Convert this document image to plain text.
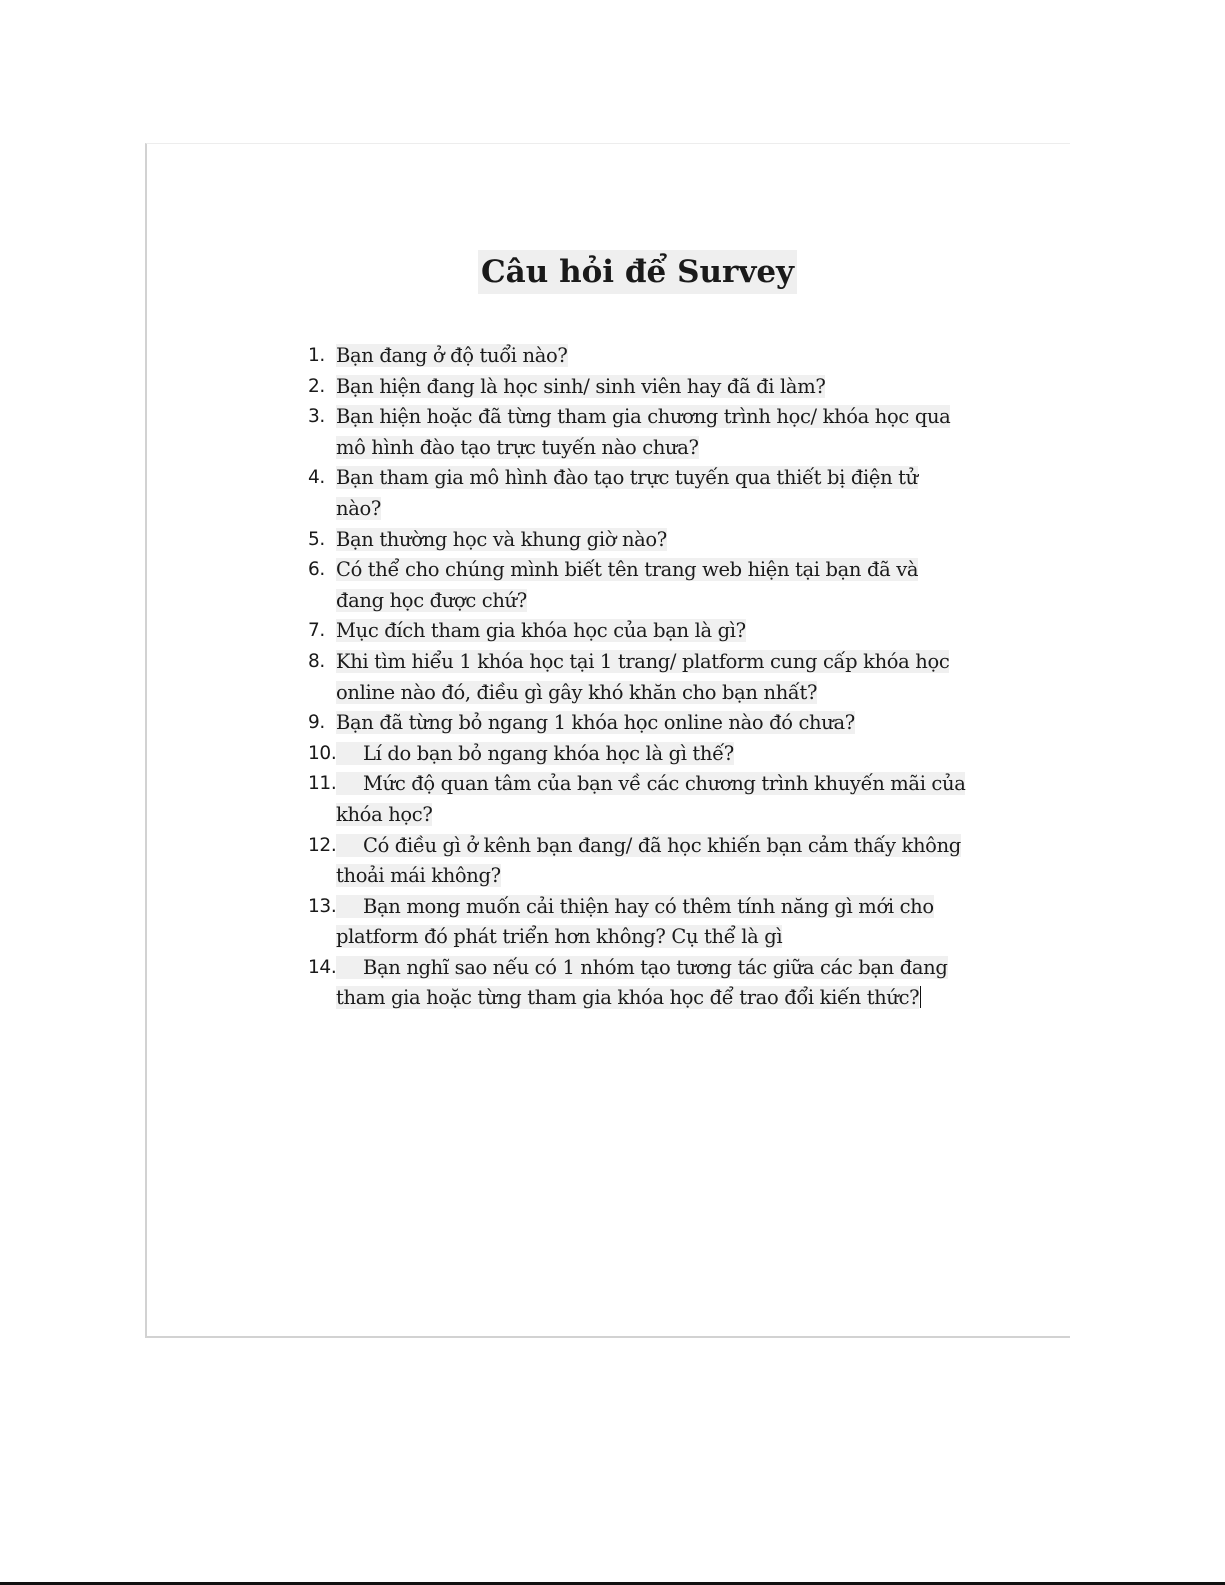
Câu hỏi để Survey
1. Bạn đang ở độ tuổi nào?
2. Bạn hiện đang là học sinh/ sinh viên hay đã đi làm?
3. Bạn hiện hoặc đã từng tham gia chương trình học/ khóa học qua mô hình đào tạo trực tuyến nào chưa?
4. Bạn tham gia mô hình đào tạo trực tuyến qua thiết bị điện tử nào?
5. Bạn thường học và khung giờ nào?
6. Có thể cho chúng mình biết tên trang web hiện tại bạn đã và đang học được chứ?
7. Mục đích tham gia khóa học của bạn là gì?
8. Khi tìm hiểu 1 khóa học tại 1 trang/ platform cung cấp khóa học online nào đó, điều gì gây khó khăn cho bạn nhất?
9. Bạn đã từng bỏ ngang 1 khóa học online nào đó chưa?
10. Lí do bạn bỏ ngang khóa học là gì thế?
11. Mức độ quan tâm của bạn về các chương trình khuyến mãi của khóa học?
12. Có điều gì ở kênh bạn đang/ đã học khiến bạn cảm thấy không thoải mái không?
13. Bạn mong muốn cải thiện hay có thêm tính năng gì mới cho platform đó phát triển hơn không? Cụ thể là gì
14. Bạn nghĩ sao nếu có 1 nhóm tạo tương tác giữa các bạn đang tham gia hoặc từng tham gia khóa học để trao đổi kiến thức?
